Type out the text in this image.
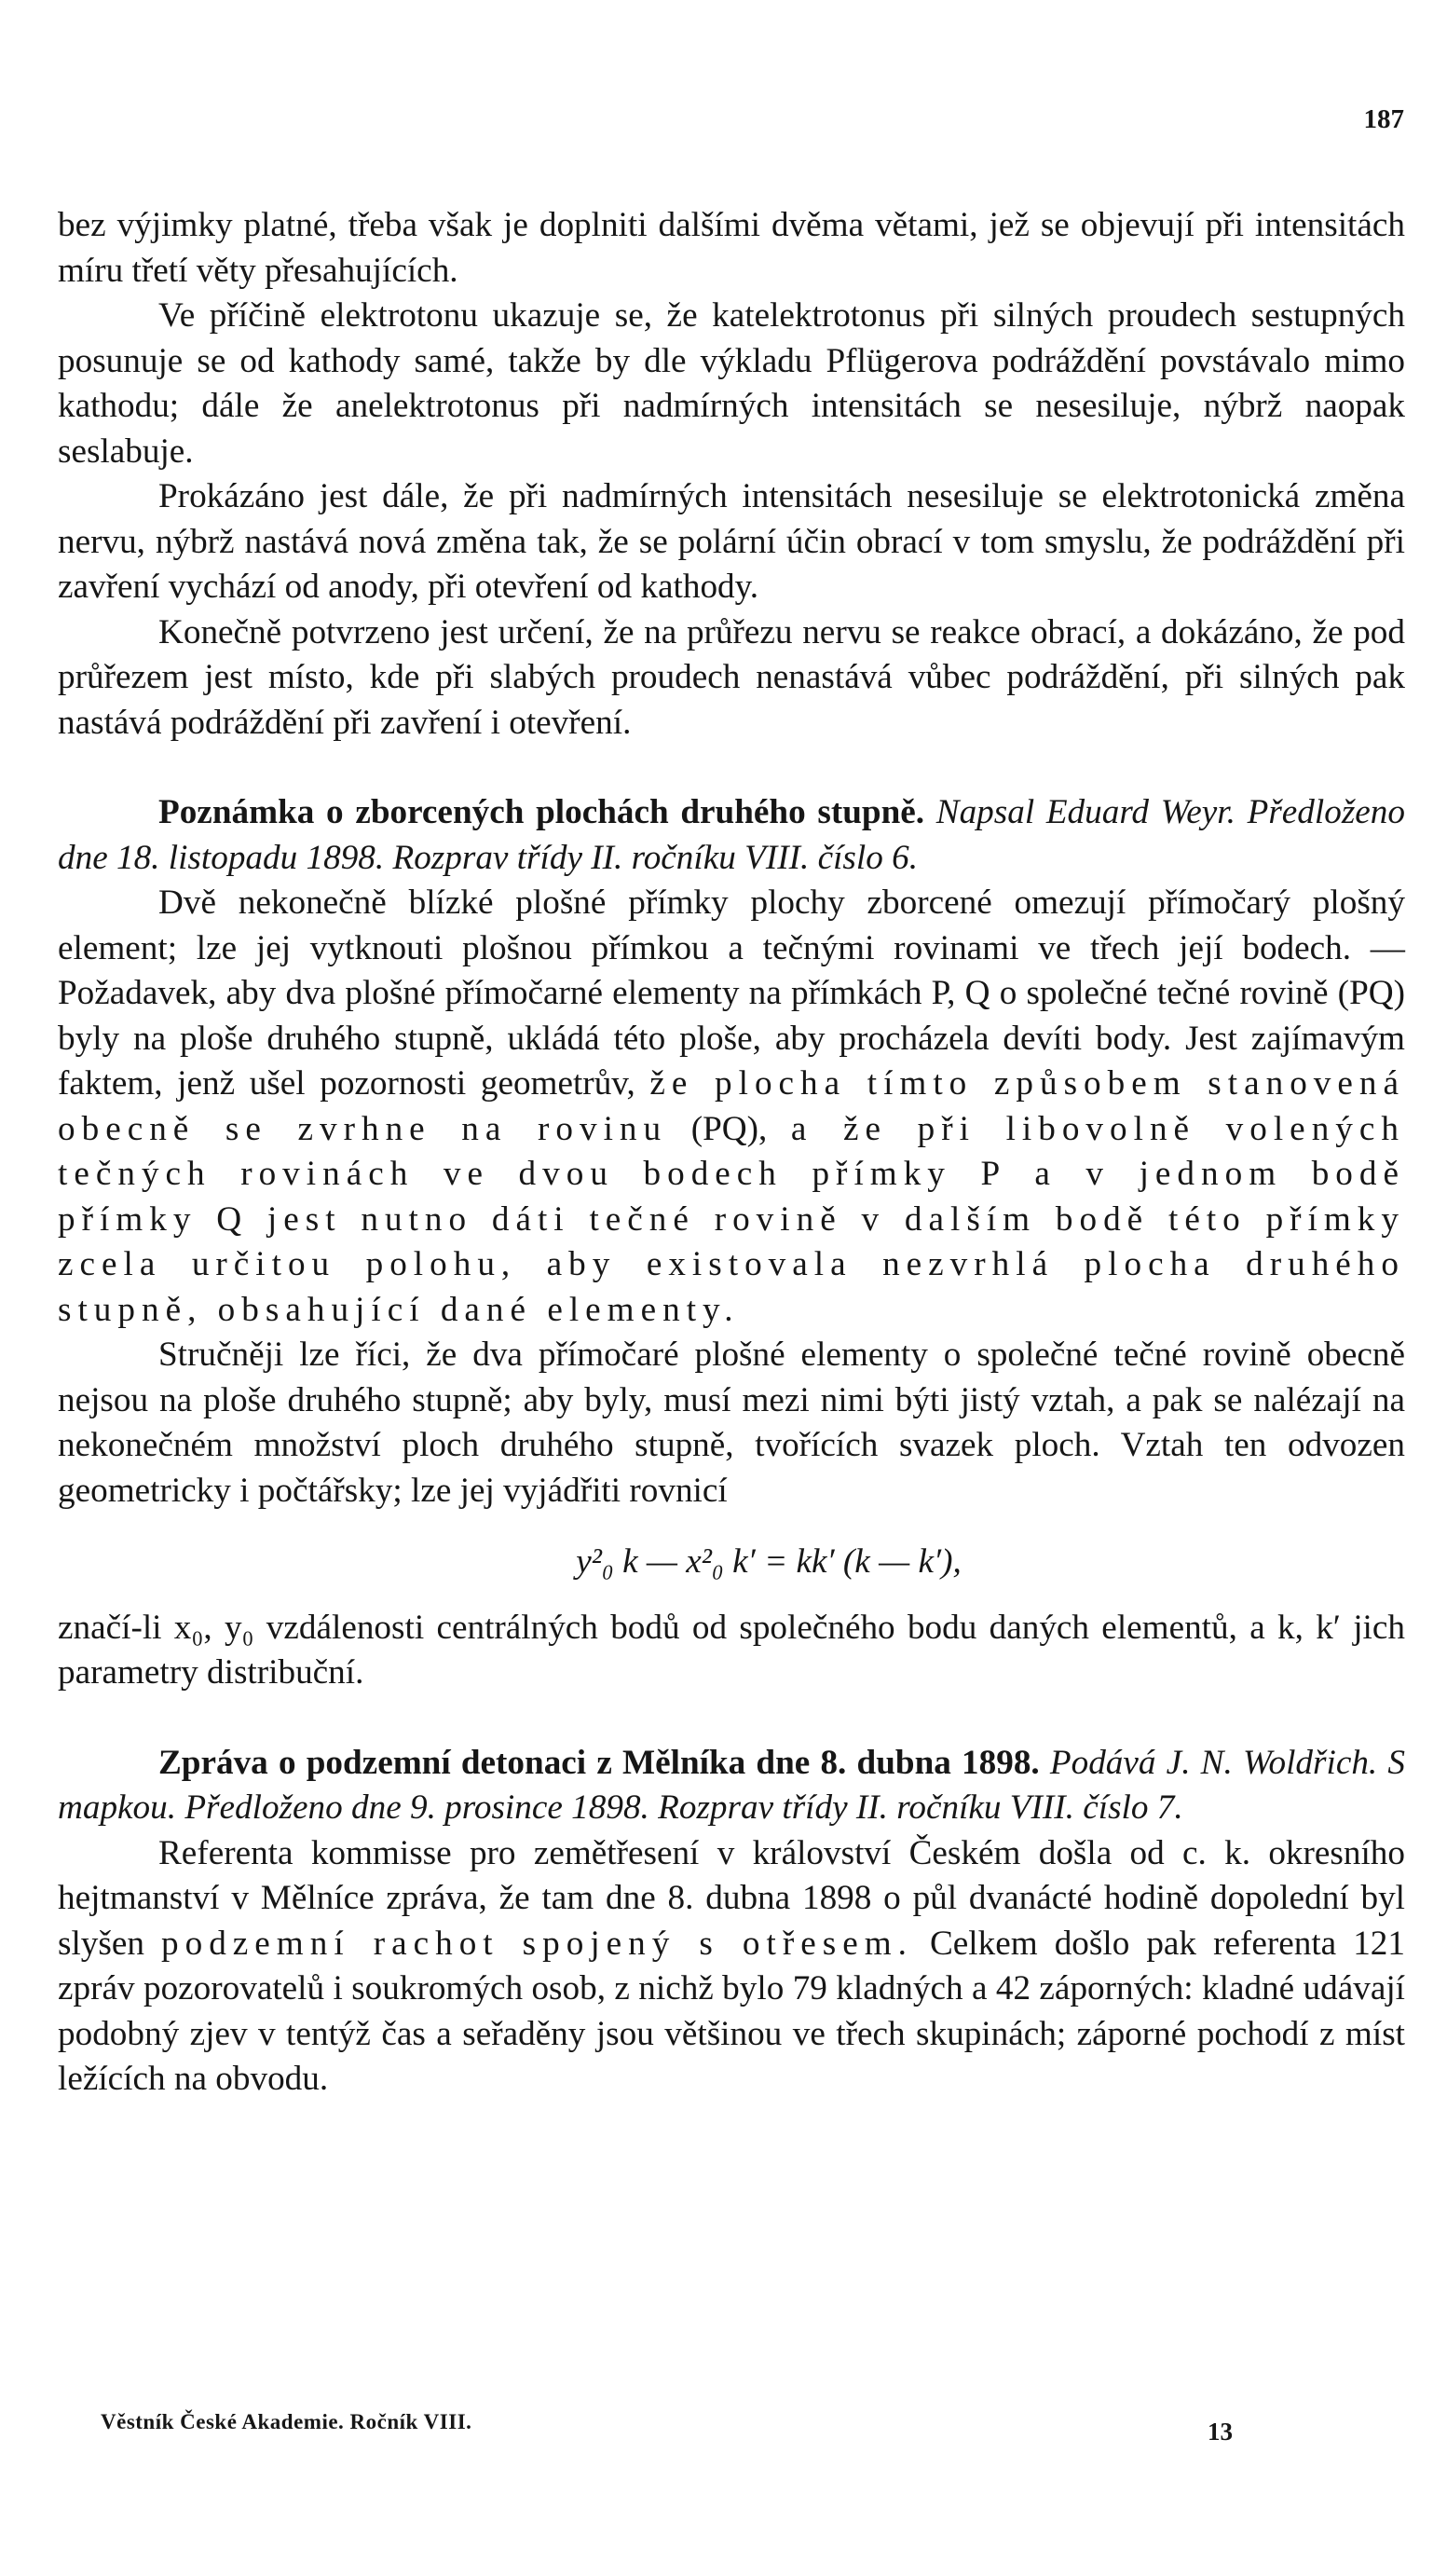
187

bez výjimky platné, třeba však je doplniti dalšími dvěma větami, jež se objevují při intensitách míru třetí věty přesahujících.

Ve příčině elektrotonu ukazuje se, že katelektrotonus při silných proudech sestupných posunuje se od kathody samé, takže by dle výkladu Pflügerova podráždění povstávalo mimo kathodu; dále že anelektrotonus při nadmírných intensitách se nesesiluje, nýbrž naopak seslabuje.

Prokázáno jest dále, že při nadmírných intensitách nesesiluje se elektrotonická změna nervu, nýbrž nastává nová změna tak, že se polární účin obrací v tom smyslu, že podráždění při zavření vychází od anody, při otevření od kathody.

Konečně potvrzeno jest určení, že na průřezu nervu se reakce obrací, a dokázáno, že pod průřezem jest místo, kde při slabých proudech nenastává vůbec podráždění, při silných pak nastává podráždění při zavření i otevření.

Poznámka o zborcených plochách druhého stupně. Napsal Eduard Weyr. Předloženo dne 18. listopadu 1898. Rozprav třídy II. ročníku VIII. číslo 6.

Dvě nekonečně blízké plošné přímky plochy zborcené omezují přímočarý plošný element; lze jej vytknouti plošnou přímkou a tečnými rovinami ve třech její bodech. — Požadavek, aby dva plošné přímočarné elementy na přímkách P, Q o společné tečné rovině (PQ) byly na ploše druhého stupně, ukládá této ploše, aby procházela devíti body. Jest zajímavým faktem, jenž ušel pozornosti geometrův, že plocha tímto způsobem stanovená obecně se zvrhne na rovinu (PQ), a že při libovolně volených tečných rovinách ve dvou bodech přímky P a v jednom bodě přímky Q jest nutno dáti tečné rovině v dalším bodě této přímky zcela určitou polohu, aby existovala nezvrhlá plocha druhého stupně, obsahující dané elementy.

Stručněji lze říci, že dva přímočaré plošné elementy o společné tečné rovině obecně nejsou na ploše druhého stupně; aby byly, musí mezi nimi býti jistý vztah, a pak se nalézají na nekonečném množství ploch druhého stupně, tvořících svazek ploch. Vztah ten odvozen geometricky i počtářsky; lze jej vyjádřiti rovnicí

y²₀ k — x²₀ k′ = kk′ (k — k′),

značí-li x₀, y₀ vzdálenosti centrálných bodů od společného bodu daných elementů, a k, k′ jich parametry distribuční.

Zpráva o podzemní detonaci z Mělníka dne 8. dubna 1898. Podává J. N. Woldřich. S mapkou. Předloženo dne 9. prosince 1898. Rozprav třídy II. ročníku VIII. číslo 7.

Referenta kommisse pro zemětřesení v království Českém došla od c. k. okresního hejtmanství v Mělníce zpráva, že tam dne 8. dubna 1898 o půl dvanácté hodině dopolední byl slyšen podzemní rachot spojený s otřesem. Celkem došlo pak referenta 121 zpráv pozorovatelů i soukromých osob, z nichž bylo 79 kladných a 42 záporných: kladné udávají podobný zjev v tentýž čas a seřaděny jsou většinou ve třech skupinách; záporné pochodí z míst ležících na obvodu.

Věstník České Akademie. Ročník VIII.	13
